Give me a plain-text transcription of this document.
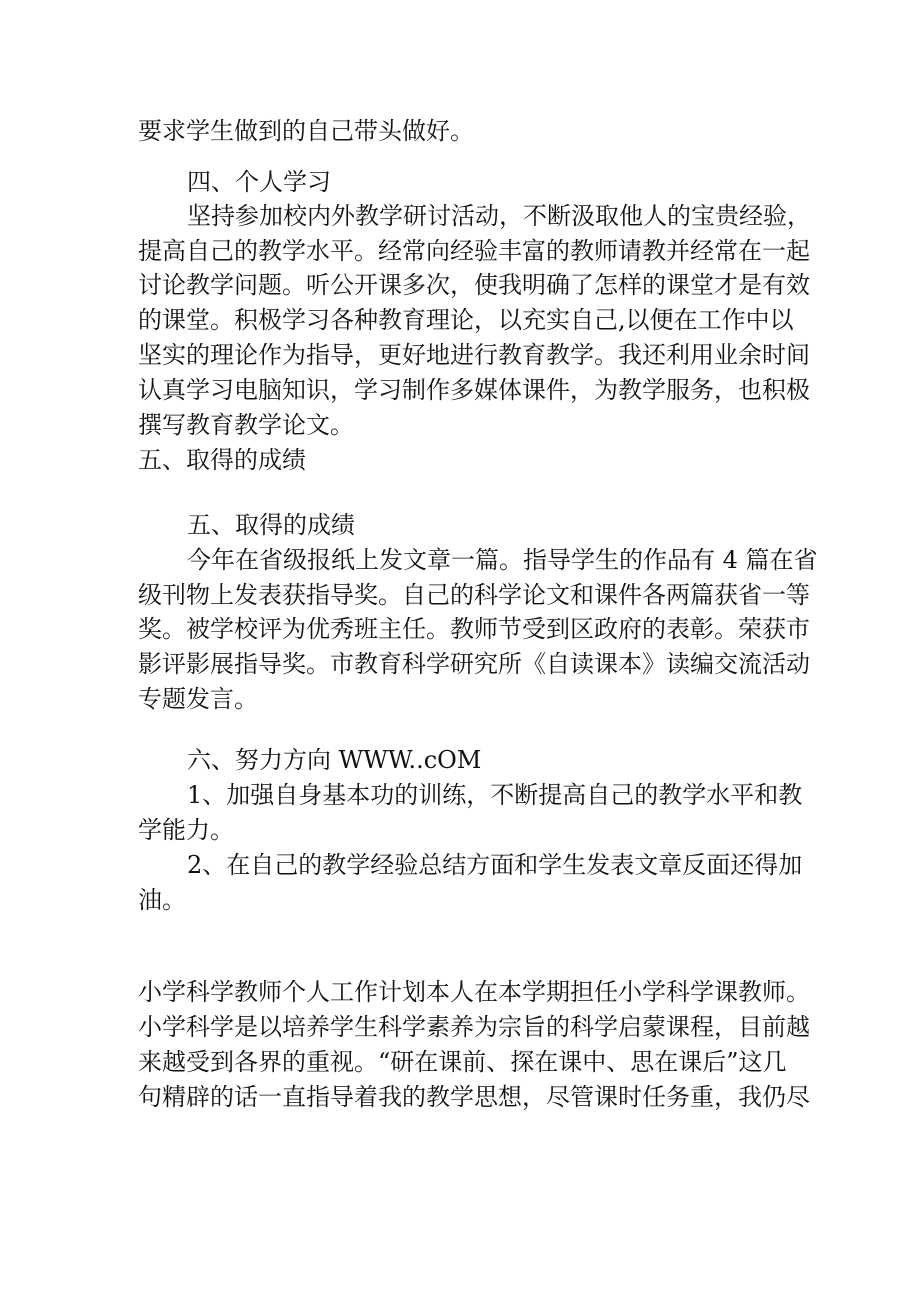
要求学生做到的自己带头做好。

四、个人学习

坚持参加校内外教学研讨活动，不断汲取他人的宝贵经验，

提高自己的教学水平。经常向经验丰富的教师请教并经常在一起

讨论教学问题。听公开课多次，使我明确了怎样的课堂才是有效

的课堂。积极学习各种教育理论，以充实自己,以便在工作中以

坚实的理论作为指导，更好地进行教育教学。我还利用业余时间

认真学习电脑知识，学习制作多媒体课件，为教学服务，也积极

撰写教育教学论文。

五、取得的成绩

五、取得的成绩

今年在省级报纸上发文章一篇。指导学生的作品有 4 篇在省

级刊物上发表获指导奖。自己的科学论文和课件各两篇获省一等

奖。被学校评为优秀班主任。教师节受到区政府的表彰。荣获市

影评影展指导奖。市教育科学研究所《自读课本》读编交流活动

专题发言。

六、努力方向 WWW..cOM

1、加强自身基本功的训练，不断提高自己的教学水平和教

学能力。

2、在自己的教学经验总结方面和学生发表文章反面还得加

油。

小学科学教师个人工作计划本人在本学期担任小学科学课教师。

小学科学是以培养学生科学素养为宗旨的科学启蒙课程，目前越

来越受到各界的重视。“研在课前、探在课中、思在课后”这几

句精辟的话一直指导着我的教学思想，尽管课时任务重，我仍尽
